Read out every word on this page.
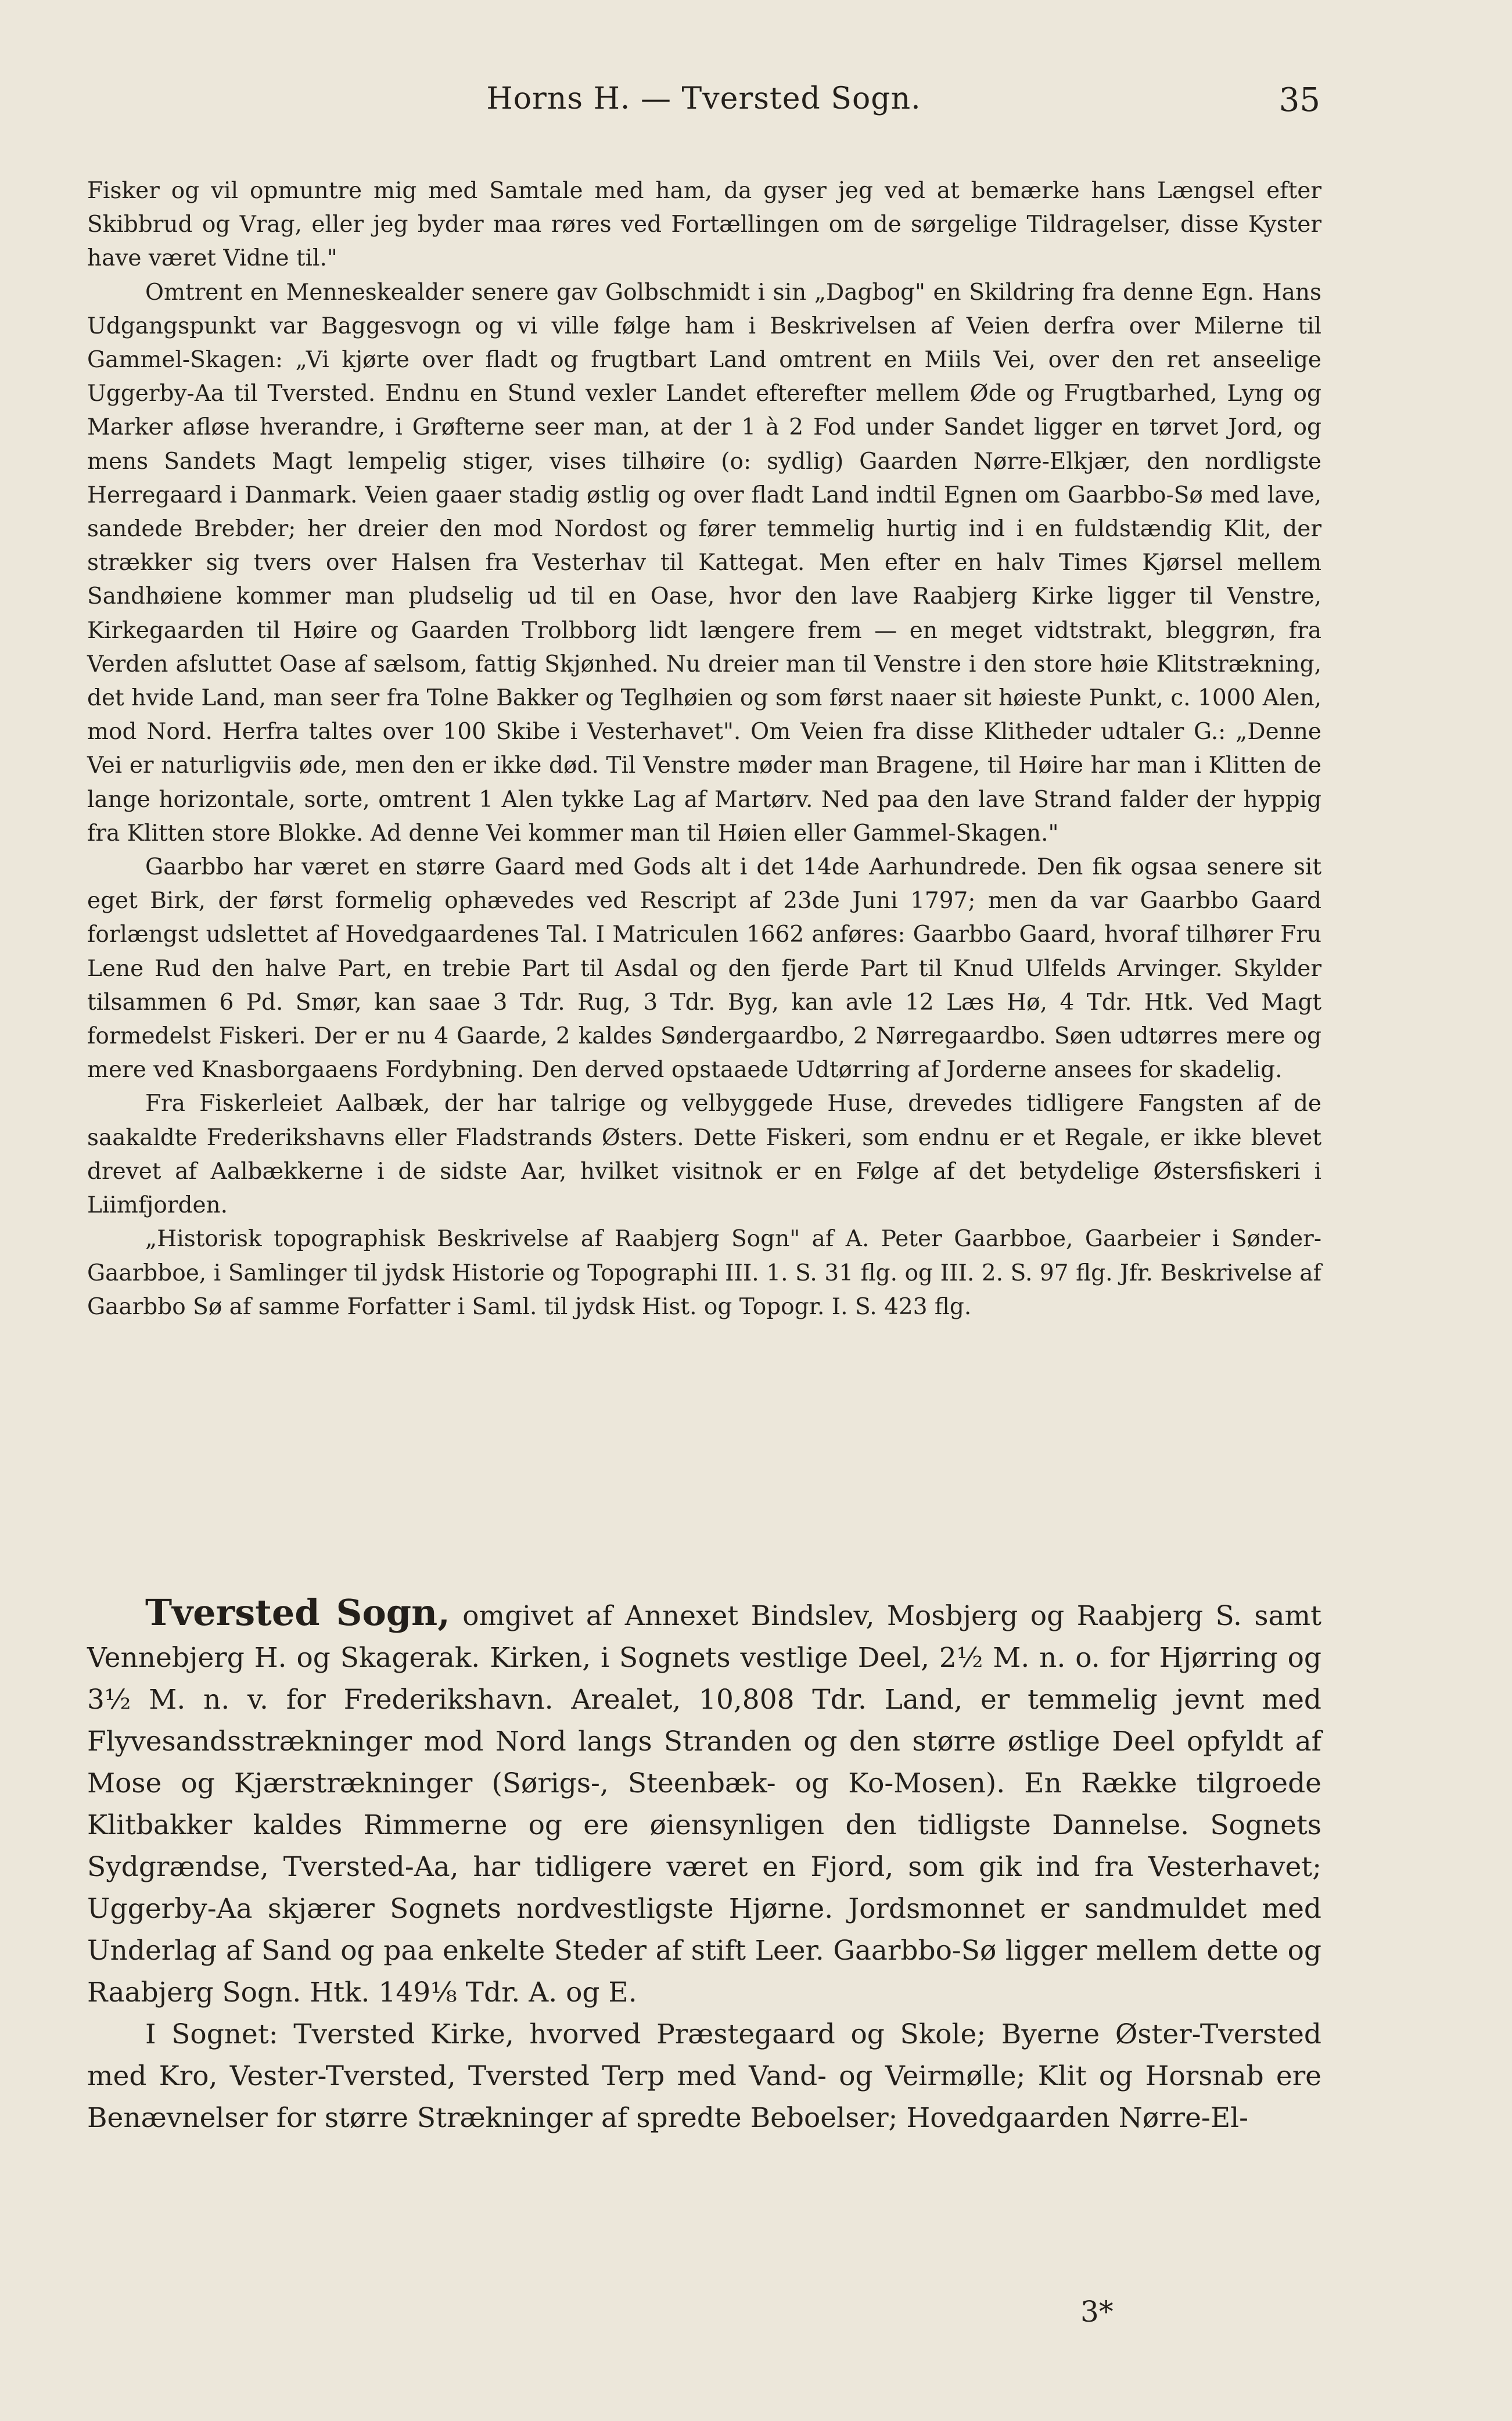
Horns H. — Tversted Sogn.	35

Fisker og vil opmuntre mig med Samtale med ham, da gyser jeg ved at bemærke hans Længsel efter Skibbrud og Vrag, eller jeg byder maa røres ved Fortællingen om de sørgelige Tildragelser, disse Kyster have været Vidne til."

Omtrent en Menneskealder senere gav Golbschmidt i sin „Dagbog" en Skildring fra denne Egn. Hans Udgangspunkt var Baggesvogn og vi ville følge ham i Beskrivelsen af Veien derfra over Milerne til Gammel-Skagen: „Vi kjørte over fladt og frugtbart Land omtrent en Miils Vei, over den ret anseelige Uggerby-Aa til Tversted. Endnu en Stund vexler Landet efterefter mellem Øde og Frugtbarhed, Lyng og Marker afløse hverandre, i Grøfterne seer man, at der 1 à 2 Fod under Sandet ligger en tørvet Jord, og mens Sandets Magt lempelig stiger, vises tilhøire (o: sydlig) Gaarden Nørre-Elkjær, den nordligste Herregaard i Danmark. Veien gaaer stadig østlig og over fladt Land indtil Egnen om Gaarbbo-Sø med lave, sandede Brebder; her dreier den mod Nordost og fører temmelig hurtig ind i en fuldstændig Klit, der strækker sig tvers over Halsen fra Vesterhav til Kattegat. Men efter en halv Times Kjørsel mellem Sandhøiene kommer man pludselig ud til en Oase, hvor den lave Raabjerg Kirke ligger til Venstre, Kirkegaarden til Høire og Gaarden Trolbborg lidt længere frem — en meget vidtstrakt, bleggrøn, fra Verden afsluttet Oase af sælsom, fattig Skjønhed. Nu dreier man til Venstre i den store høie Klitstrækning, det hvide Land, man seer fra Tolne Bakker og Teglhøien og som først naaer sit høieste Punkt, c. 1000 Alen, mod Nord. Herfra taltes over 100 Skibe i Vesterhavet". Om Veien fra disse Klitheder udtaler G.: „Denne Vei er naturligviis øde, men den er ikke død. Til Venstre møder man Bragene, til Høire har man i Klitten de lange horizontale, sorte, omtrent 1 Alen tykke Lag af Martørv. Ned paa den lave Strand falder der hyppig fra Klitten store Blokke. Ad denne Vei kommer man til Høien eller Gammel-Skagen."

Gaarbbo har været en større Gaard med Gods alt i det 14de Aarhundrede. Den fik ogsaa senere sit eget Birk, der først formelig ophævedes ved Rescript af 23de Juni 1797; men da var Gaarbbo Gaard forlængst udslettet af Hovedgaardenes Tal. I Matriculen 1662 anføres: Gaarbbo Gaard, hvoraf tilhører Fru Lene Rud den halve Part, en trebie Part til Asdal og den fjerde Part til Knud Ulfelds Arvinger. Skylder tilsammen 6 Pd. Smør, kan saae 3 Tdr. Rug, 3 Tdr. Byg, kan avle 12 Læs Hø, 4 Tdr. Htk. Ved Magt formedelst Fiskeri. Der er nu 4 Gaarde, 2 kaldes Søndergaardbo, 2 Nørregaardbo. Søen udtørres mere og mere ved Knasborgaaens Fordybning. Den derved opstaaede Udtørring af Jorderne ansees for skadelig.

Fra Fiskerleiet Aalbæk, der har talrige og velbyggede Huse, drevedes tidligere Fangsten af de saakaldte Frederikshavns eller Fladstrands Østers. Dette Fiskeri, som endnu er et Regale, er ikke blevet drevet af Aalbækkerne i de sidste Aar, hvilket visitnok er en Følge af det betydelige Østersfiskeri i Liimfjorden.

„Historisk topographisk Beskrivelse af Raabjerg Sogn" af A. Peter Gaarbboe, Gaarbeier i Sønder-Gaarbboe, i Samlinger til jydsk Historie og Topographi III. 1. S. 31 flg. og III. 2. S. 97 flg. Jfr. Beskrivelse af Gaarbbo Sø af samme Forfatter i Saml. til jydsk Hist. og Topogr. I. S. 423 flg.

Tversted Sogn, omgivet af Annexet Bindslev, Mosbjerg og Raabjerg S. samt Vennebjerg H. og Skagerak. Kirken, i Sognets vestlige Deel, 2½ M. n. o. for Hjørring og 3½ M. n. v. for Frederikshavn. Arealet, 10,808 Tdr. Land, er temmelig jevnt med Flyvesandsstrækninger mod Nord langs Stranden og den større østlige Deel opfyldt af Mose og Kjærstrækninger (Sørigs-, Steenbæk- og Ko-Mosen). En Række tilgroede Klitbakker kaldes Rimmerne og ere øiensynligen den tidligste Dannelse. Sognets Sydgrændse, Tversted-Aa, har tidligere været en Fjord, som gik ind fra Vesterhavet; Uggerby-Aa skjærer Sognets nordvestligste Hjørne. Jordsmonnet er sandmuldet med Underlag af Sand og paa enkelte Steder af stift Leer. Gaarbbo-Sø ligger mellem dette og Raabjerg Sogn. Htk. 149⅛ Tdr. A. og E.

I Sognet: Tversted Kirke, hvorved Præstegaard og Skole; Byerne Øster-Tversted med Kro, Vester-Tversted, Tversted Terp med Vand- og Veirmølle; Klit og Horsnab ere Benævnelser for større Strækninger af spredte Beboelser; Hovedgaarden Nørre-El-

3*
